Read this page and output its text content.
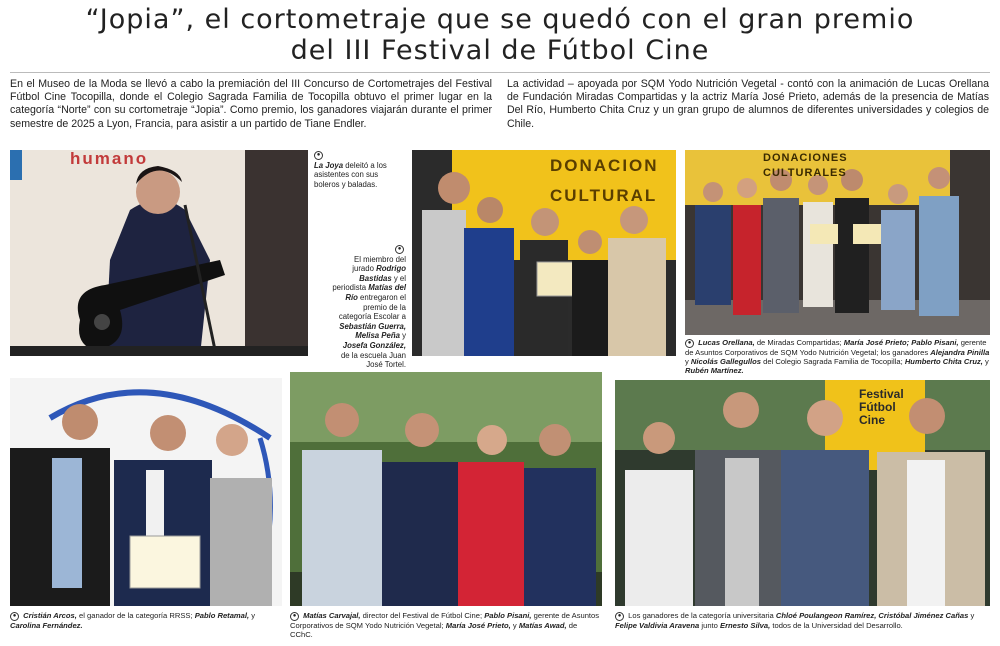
“Jopia”, el cortometraje que se quedó con el gran premio
del III Festival de Fútbol Cine
En el Museo de la Moda se llevó a cabo la premiación del III Concurso de Cortometrajes del Festival Fútbol Cine Tocopilla, donde el Colegio Sagrada Familia de Tocopilla obtuvo el primer lugar en la categoría “Norte” con su cortometraje “Jopia”. Como premio, los ganadores viajarán durante el primer semestre de 2025 a Lyon, Francia, para asistir a un partido de Tiane Endler.
La actividad – apoyada por SQM Yodo Nutrición Vegetal - contó con la animación de Lucas Orellana de Fundación Miradas Compartidas y la actriz María José Prieto, además de la presencia de Matías Del Río, Humberto Chita Cruz y un gran grupo de alumnos de diferentes universidades y colegios de Chile.
humano	●
La Joya deleitó a los asistentes con sus boleros y baladas.
●
El miembro del jurado Rodrigo Bastidas y el periodista Matías del Río entregaron el premio de la categoría Escolar a Sebastián Guerra, Melisa Peña y Josefa González, de la escuela Juan José Tortel.
DONACION
CULTURAL
DONACIONES
CULTURALES
● Lucas Orellana, de Miradas Compartidas; María José Prieto; Pablo Pisani, gerente de Asuntos Corporativos de SQM Yodo Nutrición Vegetal; los ganadores Alejandra Pinilla y Nicolás Gallegullos del Colegio Sagrada Familia de Tocopilla; Humberto Chita Cruz, y Rubén Martínez.
● Cristián Arcos, el ganador de la categoría RRSS; Pablo Retamal, y Carolina Fernández.
● Matías Carvajal, director del Festival de Fútbol Cine; Pablo Pisani, gerente de Asuntos Corporativos de SQM Yodo Nutrición Vegetal; María José Prieto, y Matías Awad, de CChC.
Festival
Fútbol
Cine
● Los ganadores de la categoría universitaria Chloé Poulangeon Ramírez, Cristóbal Jiménez Cañas y Felipe Valdivia Aravena junto Ernesto Silva, todos de la Universidad del Desarrollo.
